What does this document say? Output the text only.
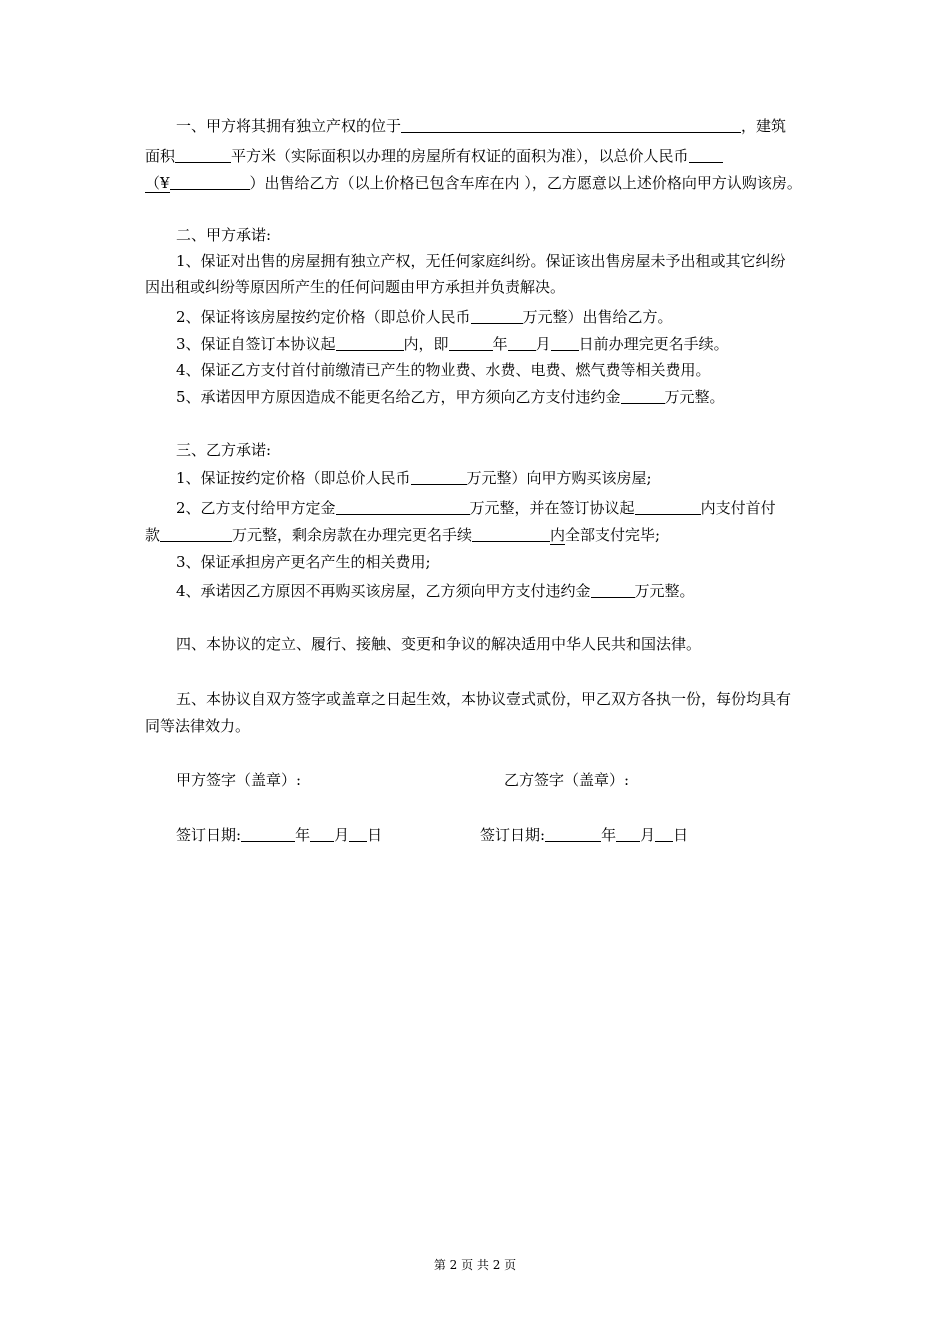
一、甲方将其拥有独立产权的位于	，建筑
面积	平方米（实际面积以办理的房屋所有权证的面积为准），以总价人民币
（¥	）出售给乙方（以上价格已包含车库在内 ），乙方愿意以上述价格向甲方认购该房。
二、甲方承诺:
1、保证对出售的房屋拥有独立产权，无任何家庭纠纷。保证该出售房屋未予出租或其它纠纷
因出租或纠纷等原因所产生的任何问题由甲方承担并负责解决。
2、保证将该房屋按约定价格（即总价人民币	万元整）出售给乙方。
3、保证自签订本协议起	内，即	年 月 日前办理完更名手续。
4、保证乙方支付首付前缴清已产生的物业费、水费、电费、燃气费等相关费用。
5、承诺因甲方原因造成不能更名给乙方，甲方须向乙方支付违约金	万元整。
三、乙方承诺:
1、保证按约定价格（即总价人民币	万元整）向甲方购买该房屋;
2、乙方支付给甲方定金	万元整，并在签订协议起	内支付首付
款	万元整，剩余房款在办理完更名手续	内全部支付完毕;
3、保证承担房产更名产生的相关费用;
4、承诺因乙方原因不再购买该房屋，乙方须向甲方支付违约金	万元整。
四、本协议的定立、履行、接触、变更和争议的解决适用中华人民共和国法律。
五、本协议自双方签字或盖章之日起生效，本协议壹式贰份，甲乙双方各执一份，每份均具有
同等法律效力。
甲方签字（盖章）:	乙方签字（盖章）:
签订日期:	年 月 日	签订日期:	年 月 日
第 2 页 共 2 页
